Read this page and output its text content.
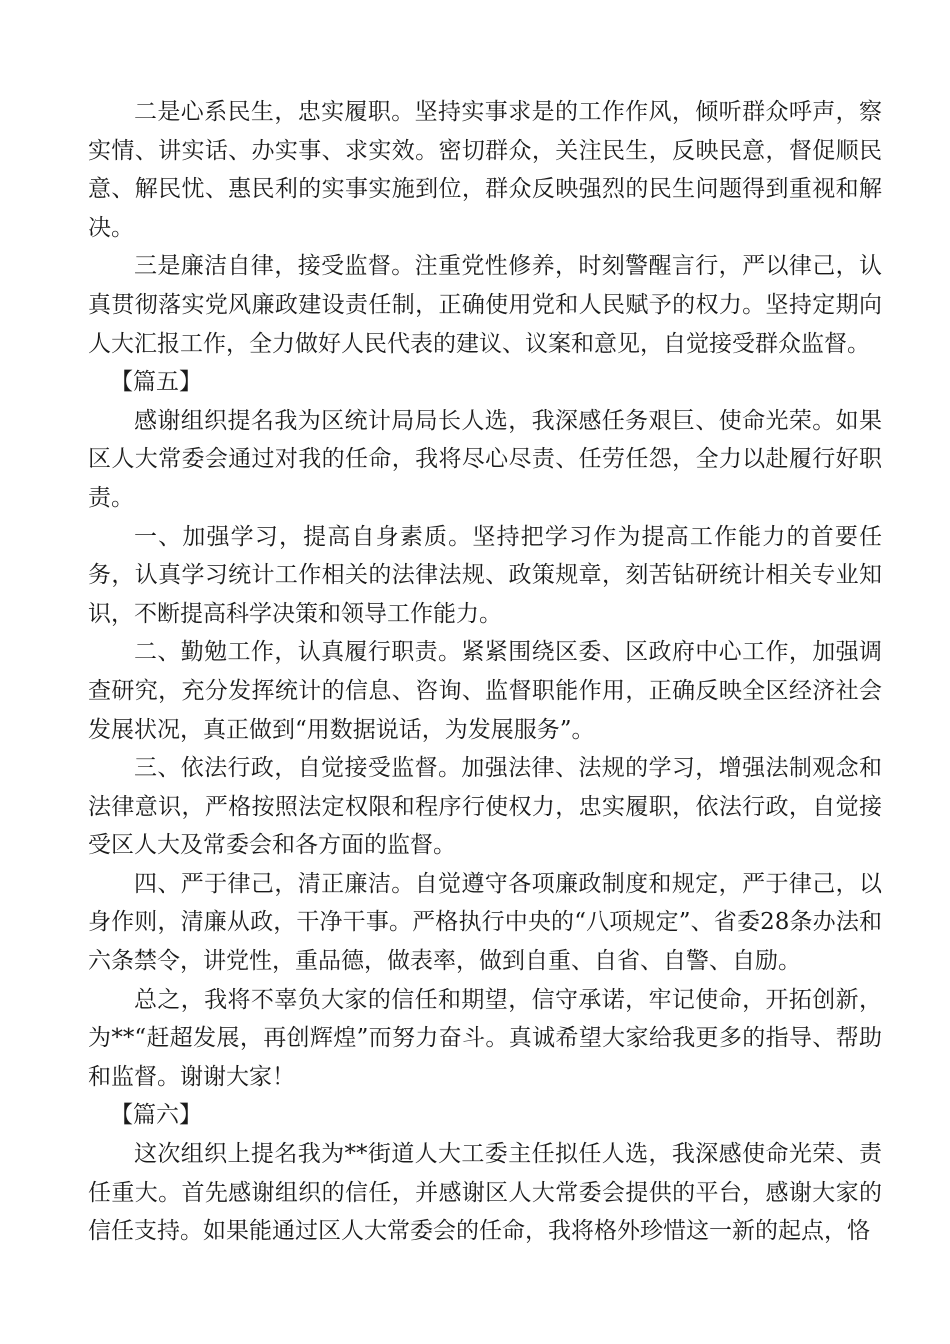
二是心系民生，忠实履职。坚持实事求是的工作作风，倾听群众呼声，察实情、讲实话、办实事、求实效。密切群众，关注民生，反映民意，督促顺民意、解民忧、惠民利的实事实施到位，群众反映强烈的民生问题得到重视和解决。

三是廉洁自律，接受监督。注重党性修养，时刻警醒言行，严以律己，认真贯彻落实党风廉政建设责任制，正确使用党和人民赋予的权力。坚持定期向人大汇报工作，全力做好人民代表的建议、议案和意见，自觉接受群众监督。

【篇五】

感谢组织提名我为区统计局局长人选，我深感任务艰巨、使命光荣。如果区人大常委会通过对我的任命，我将尽心尽责、任劳任怨，全力以赴履行好职责。

一、加强学习，提高自身素质。坚持把学习作为提高工作能力的首要任务，认真学习统计工作相关的法律法规、政策规章，刻苦钻研统计相关专业知识，不断提高科学决策和领导工作能力。

二、勤勉工作，认真履行职责。紧紧围绕区委、区政府中心工作，加强调查研究，充分发挥统计的信息、咨询、监督职能作用，正确反映全区经济社会发展状况，真正做到“用数据说话，为发展服务”。

三、依法行政，自觉接受监督。加强法律、法规的学习，增强法制观念和法律意识，严格按照法定权限和程序行使权力，忠实履职，依法行政，自觉接受区人大及常委会和各方面的监督。

四、严于律己，清正廉洁。自觉遵守各项廉政制度和规定，严于律己，以身作则，清廉从政，干净干事。严格执行中央的“八项规定”、省委28条办法和六条禁令，讲党性，重品德，做表率，做到自重、自省、自警、自励。

总之，我将不辜负大家的信任和期望，信守承诺，牢记使命，开拓创新，为**“赶超发展，再创辉煌”而努力奋斗。真诚希望大家给我更多的指导、帮助和监督。谢谢大家！

【篇六】

这次组织上提名我为**街道人大工委主任拟任人选，我深感使命光荣、责任重大。首先感谢组织的信任，并感谢区人大常委会提供的平台，感谢大家的信任支持。如果能通过区人大常委会的任命，我将格外珍惜这一新的起点，恪
